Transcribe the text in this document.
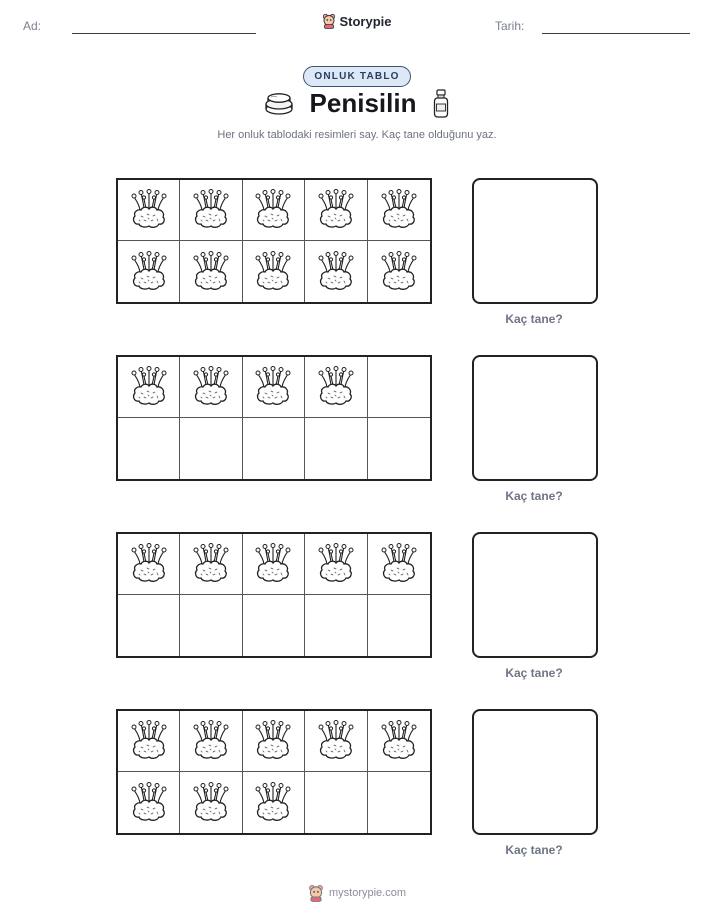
Ad:	Storypie	Tarih:
ONLUK TABLO
Penisilin
Her onluk tablodaki resimleri say. Kaç tane olduğunu yaz.
Kaç tane?
Kaç tane?
Kaç tane?
Kaç tane?
mystorypie.com
